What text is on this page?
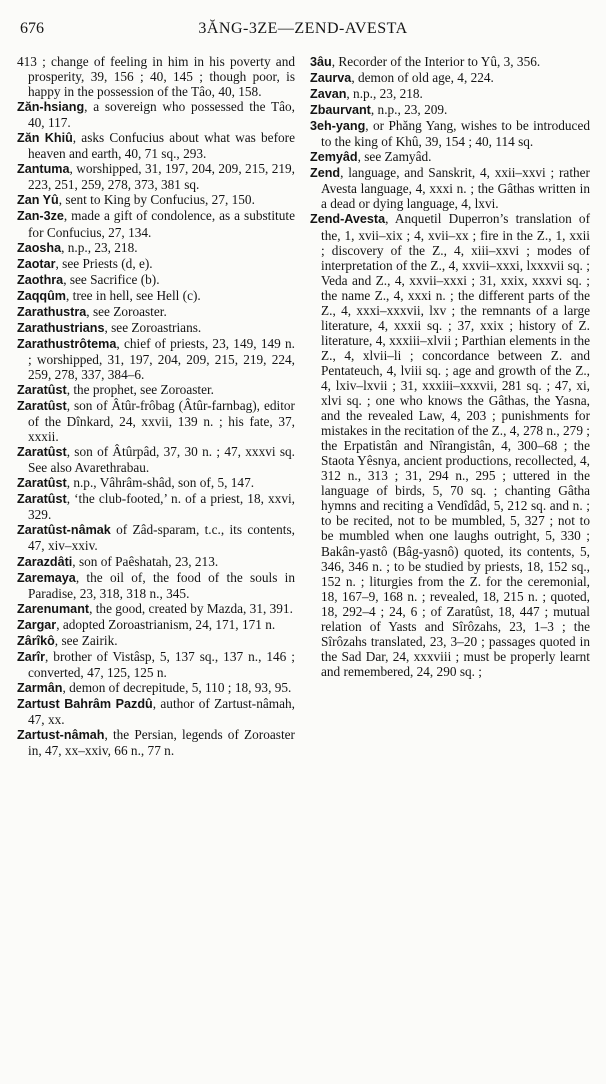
676	3ĂNG-3ZE—ZEND-AVESTA
413 ; change of feeling in him in his poverty and prosperity, 39, 156 ; 40, 145 ; though poor, is happy in the possession of the Tâo, 40, 158.
Zăn-hsiang, a sovereign who possessed the Tâo, 40, 117.
Zăn Khiû, asks Confucius about what was before heaven and earth, 40, 71 sq., 293.
Zantuma, worshipped, 31, 197, 204, 209, 215, 219, 223, 251, 259, 278, 373, 381 sq.
Zan Yû, sent to King by Confucius, 27, 150.
Zan-3ze, made a gift of condolence, as a substitute for Confucius, 27, 134.
Zaosha, n.p., 23, 218.
Zaotar, see Priests (d, e).
Zaothra, see Sacrifice (b).
Zaqqûm, tree in hell, see Hell (c).
Zarathustra, see Zoroaster.
Zarathustrians, see Zoroastrians.
Zarathustrôtema, chief of priests, 23, 149, 149 n. ; worshipped, 31, 197, 204, 209, 215, 219, 224, 259, 278, 337, 384–6.
Zaratûst, the prophet, see Zoroaster.
Zaratûst, son of Âtûr-frôbag (Âtûr-farnbag), editor of the Dînkard, 24, xxvii, 139 n. ; his fate, 37, xxxii.
Zaratûst, son of Âtûrpâd, 37, 30 n. ; 47, xxxvi sq. See also Avarethrabau.
Zaratûst, n.p., Vâhrâm-shâd, son of, 5, 147.
Zaratûst, ‘the club-footed,’ n. of a priest, 18, xxvi, 329.
Zaratûst-nâmak of Zâd-sparam, t.c., its contents, 47, xiv–xxiv.
Zarazdâti, son of Paêshatah, 23, 213.
Zaremaya, the oil of, the food of the souls in Paradise, 23, 318, 318 n., 345.
Zarenumant, the good, created by Mazda, 31, 391.
Zargar, adopted Zoroastrianism, 24, 171, 171 n.
Zârîkô, see Zairik.
Zarîr, brother of Vistâsp, 5, 137 sq., 137 n., 146 ; converted, 47, 125, 125 n.
Zarmân, demon of decrepitude, 5, 110 ; 18, 93, 95.
Zartust Bahrâm Pazdû, author of Zartust-nâmah, 47, xx.
Zartust-nâmah, the Persian, legends of Zoroaster in, 47, xx–xxiv, 66 n., 77 n.
3âu, Recorder of the Interior to Yû, 3, 356.
Zaurva, demon of old age, 4, 224.
Zavan, n.p., 23, 218.
Zbaurvant, n.p., 23, 209.
3eh-yang, or Phăng Yang, wishes to be introduced to the king of Khû, 39, 154 ; 40, 114 sq.
Zemyâd, see Zamyâd.
Zend, language, and Sanskrit, 4, xxii–xxvi ; rather Avesta language, 4, xxxi n. ; the Gâthas written in a dead or dying language, 4, lxvi.
Zend-Avesta, Anquetil Duperron’s translation of the, 1, xvii–xix ; 4, xvii–xx ; fire in the Z., 1, xxii ; discovery of the Z., 4, xiii–xxvi ; modes of interpretation of the Z., 4, xxvii–xxxi, lxxxvii sq. ; Veda and Z., 4, xxvii–xxxi ; 31, xxix, xxxvi sq. ; the name Z., 4, xxxi n. ; the different parts of the Z., 4, xxxi–xxxvii, lxv ; the remnants of a large literature, 4, xxxii sq. ; 37, xxix ; history of Z. literature, 4, xxxiii–xlvii ; Parthian elements in the Z., 4, xlvii–li ; concordance between Z. and Pentateuch, 4, lviii sq. ; age and growth of the Z., 4, lxiv–lxvii ; 31, xxxiii–xxxvii, 281 sq. ; 47, xi, xlvi sq. ; one who knows the Gâthas, the Yasna, and the revealed Law, 4, 203 ; punishments for mistakes in the recitation of the Z., 4, 278 n., 279 ; the Erpatistân and Nîrangistân, 4, 300–68 ; the Staota Yêsnya, ancient productions, recollected, 4, 312 n., 313 ; 31, 294 n., 295 ; uttered in the language of birds, 5, 70 sq. ; chanting Gâtha hymns and reciting a Vendîdâd, 5, 212 sq. and n. ; to be recited, not to be mumbled, 5, 327 ; not to be mumbled when one laughs outright, 5, 330 ; Bakân-yastô (Bâg-yasnô) quoted, its contents, 5, 346, 346 n. ; to be studied by priests, 18, 152 sq., 152 n. ; liturgies from the Z. for the ceremonial, 18, 167–9, 168 n. ; revealed, 18, 215 n. ; quoted, 18, 292–4 ; 24, 6 ; of Zaratûst, 18, 447 ; mutual relation of Yasts and Sîrôzahs, 23, 1–3 ; the Sîrôzahs translated, 23, 3–20 ; passages quoted in the Sad Dar, 24, xxxviii ; must be properly learnt and remembered, 24, 290 sq. ;
